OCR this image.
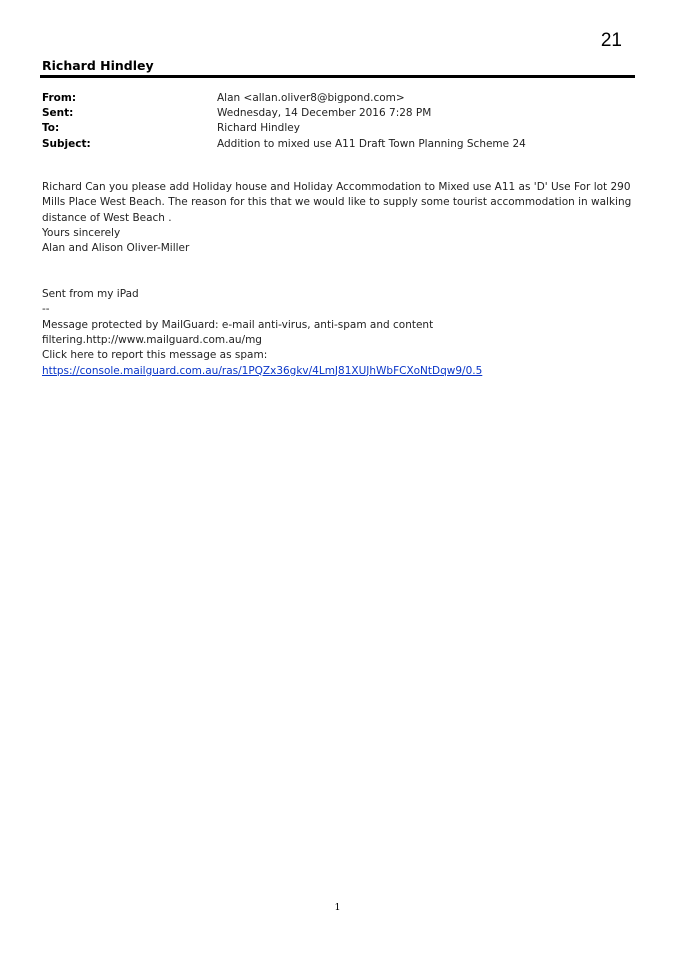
21
Richard Hindley
From:	Alan <allan.oliver8@bigpond.com>
Sent:	Wednesday, 14 December 2016 7:28 PM
To:	Richard Hindley
Subject:	Addition to mixed use A11 Draft Town Planning Scheme 24

Richard Can you please add Holiday house and Holiday Accommodation to Mixed use A11 as 'D' Use For lot 290 Mills Place West Beach. The reason for this that we would like to supply some tourist accommodation in walking distance of West Beach .

Yours sincerely

Alan and Alison Oliver-Miller

Sent from my iPad

--

Message protected by MailGuard: e-mail anti-virus, anti-spam and content

filtering.http://www.mailguard.com.au/mg

Click here to report this message as spam:

https://console.mailguard.com.au/ras/1PQZx36gkv/4LmJ81XUJhWbFCXoNtDqw9/0.5

1
